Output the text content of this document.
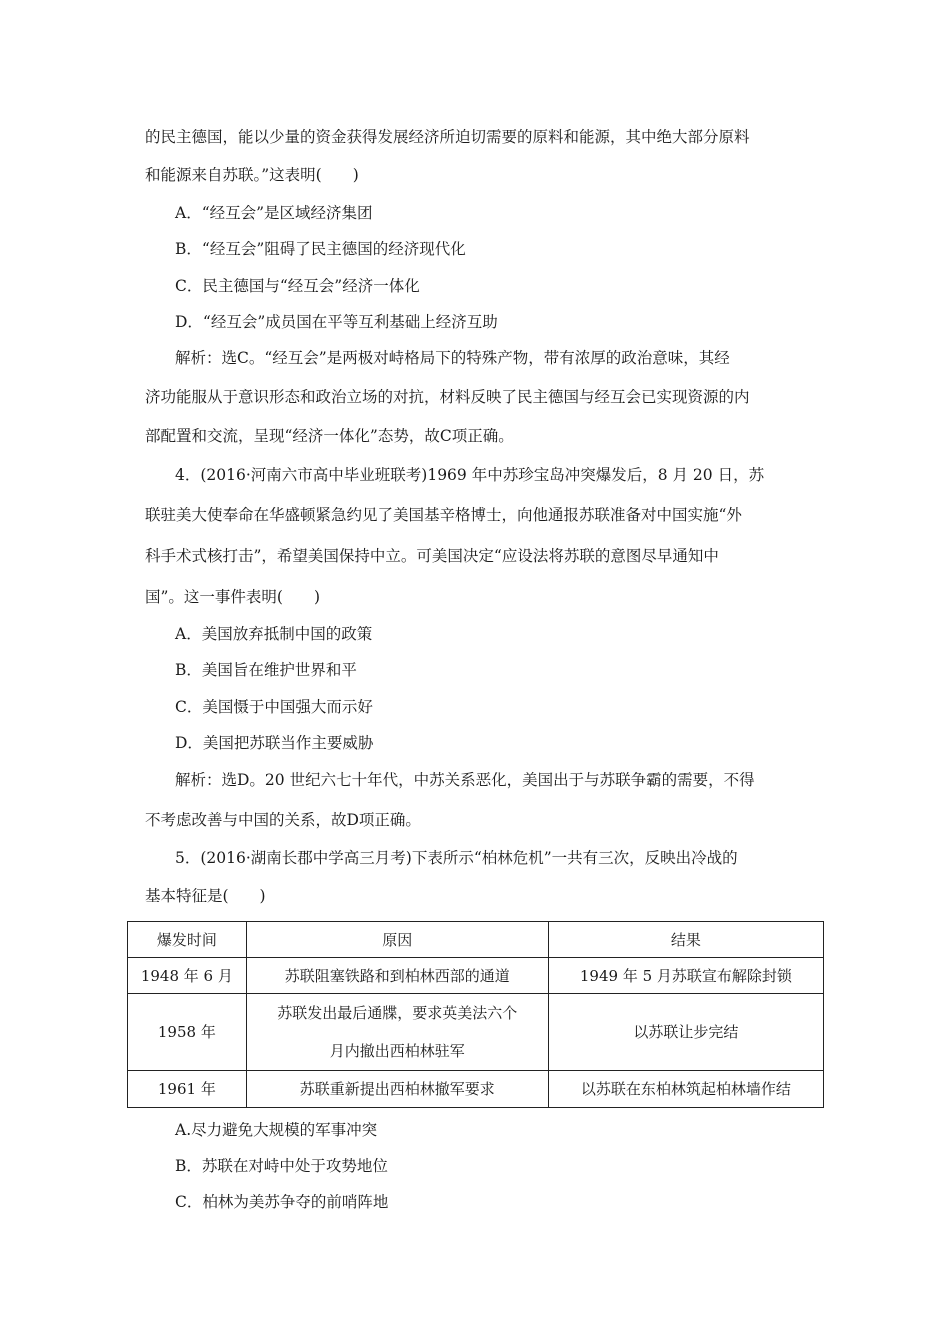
的民主德国，能以少量的资金获得发展经济所迫切需要的原料和能源，其中绝大部分原料
和能源来自苏联。”这表明(　　)
A．“经互会”是区域经济集团
B．“经互会”阻碍了民主德国的经济现代化
C．民主德国与“经互会”经济一体化
D．“经互会”成员国在平等互利基础上经济互助
解析：选C。“经互会”是两极对峙格局下的特殊产物，带有浓厚的政治意味，其经
济功能服从于意识形态和政治立场的对抗，材料反映了民主德国与经互会已实现资源的内
部配置和交流，呈现“经济一体化”态势，故C项正确。
4．(2016·河南六市高中毕业班联考)1969 年中苏珍宝岛冲突爆发后，8 月 20 日，苏
联驻美大使奉命在华盛顿紧急约见了美国基辛格博士，向他通报苏联准备对中国实施“外
科手术式核打击”，希望美国保持中立。可美国决定“应设法将苏联的意图尽早通知中
国”。这一事件表明(　　)
A．美国放弃抵制中国的政策
B．美国旨在维护世界和平
C．美国慑于中国强大而示好
D．美国把苏联当作主要威胁
解析：选D。20 世纪六七十年代，中苏关系恶化，美国出于与苏联争霸的需要，不得
不考虑改善与中国的关系，故D项正确。
5．(2016·湖南长郡中学高三月考)下表所示“柏林危机”一共有三次，反映出冷战的
基本特征是(　　)
爆发时间	原因	结果
1948 年 6 月	苏联阻塞铁路和到柏林西部的通道	1949 年 5 月苏联宣布解除封锁
1958 年	苏联发出最后通牒，要求英美法六个
月内撤出西柏林驻军	以苏联让步完结
1961 年	苏联重新提出西柏林撤军要求	以苏联在东柏林筑起柏林墙作结
A.尽力避免大规模的军事冲突
B．苏联在对峙中处于攻势地位
C．柏林为美苏争夺的前哨阵地
